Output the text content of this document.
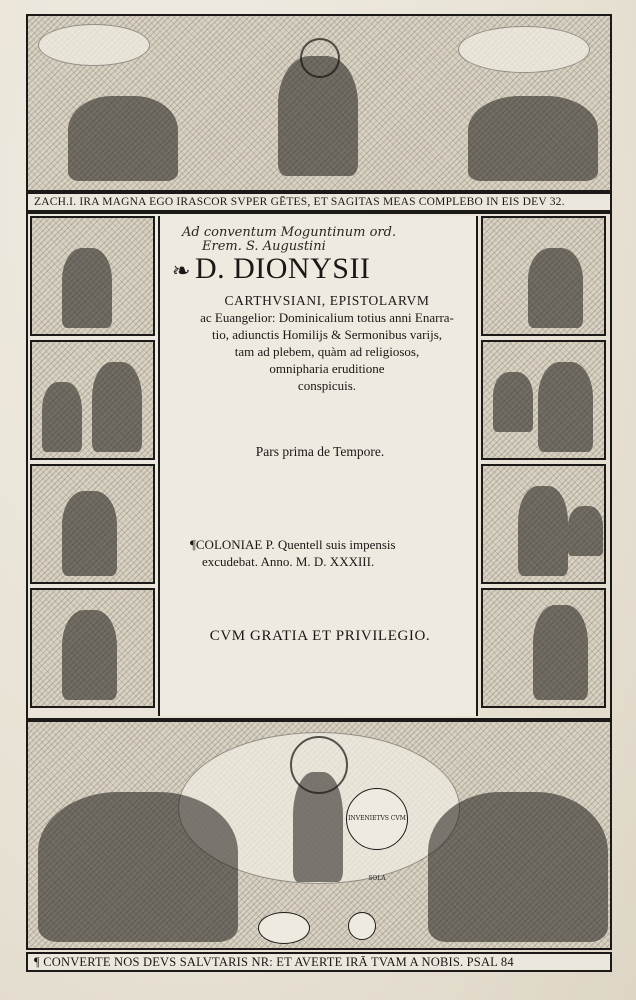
ZACH.I. IRA MAGNA EGO IRASCOR SVPER GĒTES, ET SAGITAS MEAS COMPLEBO IN EIS DEV 32.
Ad conventum Moguntinum ord.
Erem. S. Augustini
❧ D. DIONYSII
CARTHVSIANI, EPISTOLARVM
ac Euangelior: Dominicalium totius anni Enarra-
tio, adiunctis Homilijs & Sermonibus varijs,
tam ad plebem, quàm ad religiosos,
omnipharia eruditione
conspicuis.
Pars prima de Tempore.
¶COLONIAE P. Quentell suis impensis
excudebat. Anno. M. D. XXXIII.
CVM GRATIA ET PRIVILEGIO.
INVENIETVS CVM SOLA
¶
CONVERTE NOS DEVS SALVTARIS NR: ET AVERTE IRĀ TVAM A NOBIS. PSAL 84
